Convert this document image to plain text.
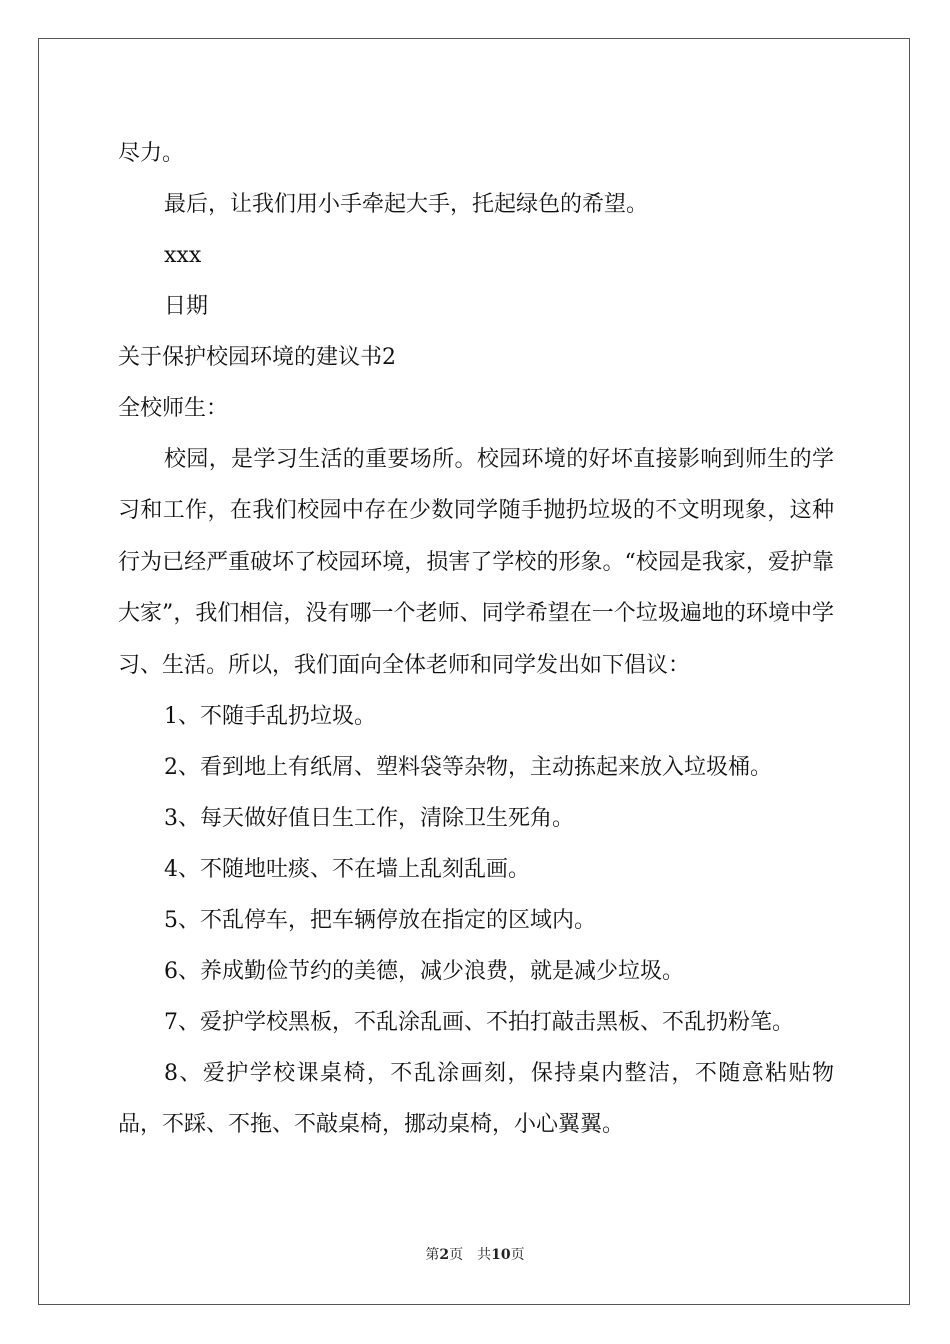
尽力。
最后，让我们用小手牵起大手，托起绿色的希望。
xxx
日期
关于保护校园环境的建议书2
全校师生：
校园，是学习生活的重要场所。校园环境的好坏直接影响到师生的学习和工作，在我们校园中存在少数同学随手抛扔垃圾的不文明现象，这种行为已经严重破坏了校园环境，损害了学校的形象。“校园是我家，爱护靠大家”，我们相信，没有哪一个老师、同学希望在一个垃圾遍地的环境中学习、生活。所以，我们面向全体老师和同学发出如下倡议：
1、不随手乱扔垃圾。
2、看到地上有纸屑、塑料袋等杂物，主动拣起来放入垃圾桶。
3、每天做好值日生工作，清除卫生死角。
4、不随地吐痰、不在墙上乱刻乱画。
5、不乱停车，把车辆停放在指定的区域内。
6、养成勤俭节约的美德，减少浪费，就是减少垃圾。
7、爱护学校黑板，不乱涂乱画、不拍打敲击黑板、不乱扔粉笔。
8、爱护学校课桌椅，不乱涂画刻，保持桌内整洁，不随意粘贴物品，不踩、不拖、不敲桌椅，挪动桌椅，小心翼翼。
第2页　共10页
